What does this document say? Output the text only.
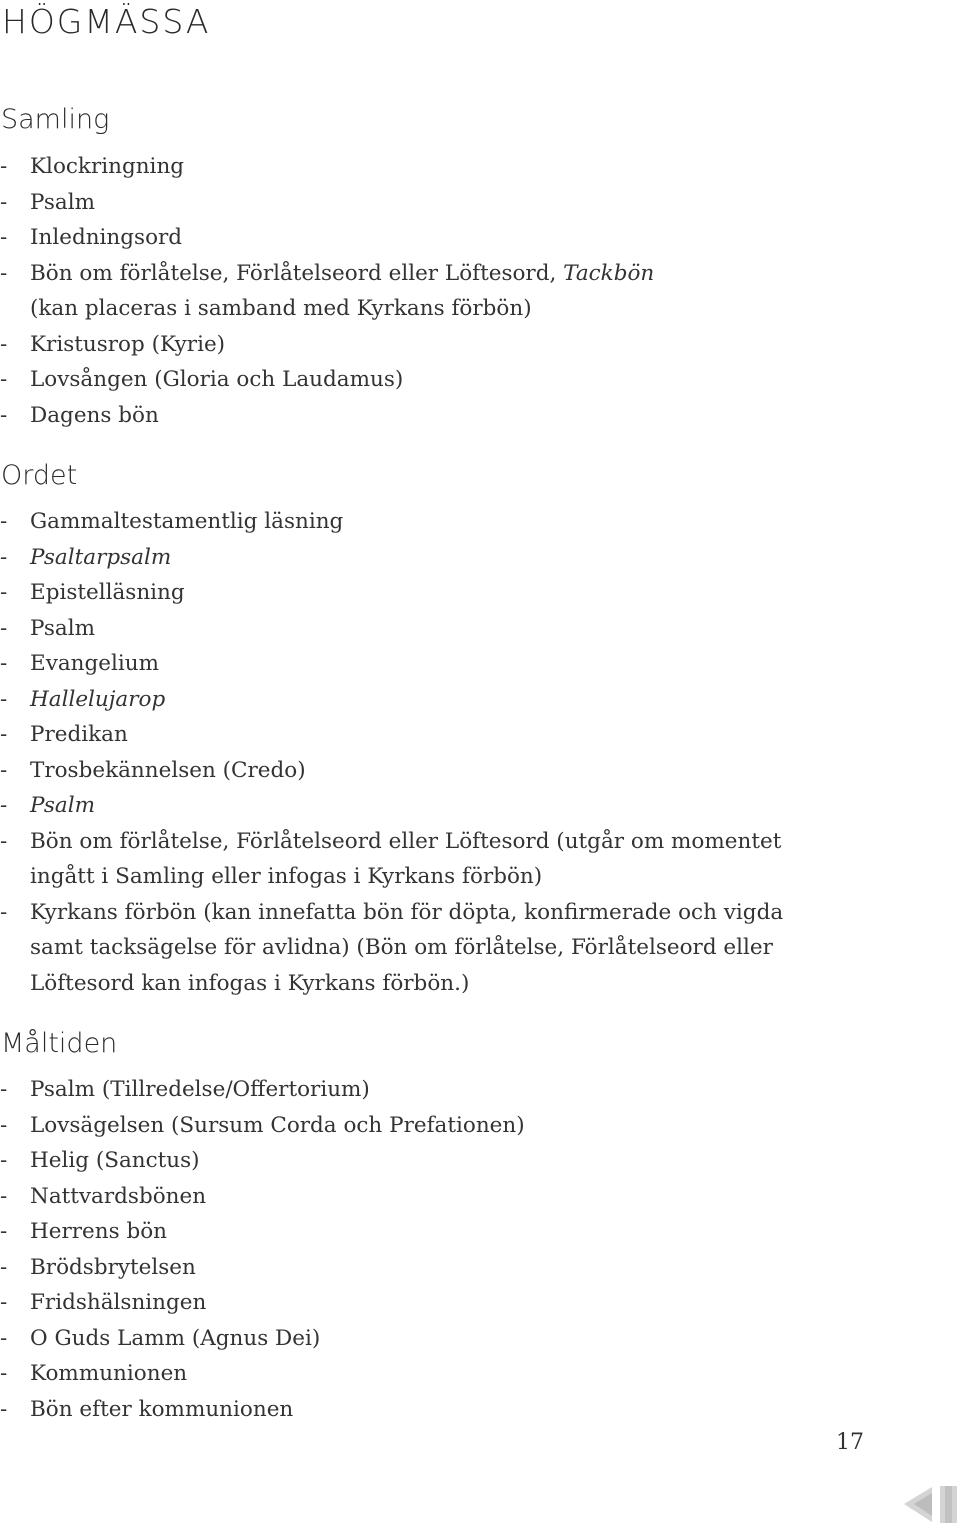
HÖGMÄSSA
Samling
- Klockringning
- Psalm
- Inledningsord
- Bön om förlåtelse, Förlåtelseord eller Löftesord, Tackbön
(kan placeras i samband med Kyrkans förbön)
- Kristusrop (Kyrie)
- Lovsången (Gloria och Laudamus)
- Dagens bön
Ordet
- Gammaltestamentlig läsning
- Psaltarpsalm
- Epistelläsning
- Psalm
- Evangelium
- Hallelujarop
- Predikan
- Trosbekännelsen (Credo)
- Psalm
- Bön om förlåtelse, Förlåtelseord eller Löftesord (utgår om momentet
ingått i Samling eller infogas i Kyrkans förbön)
- Kyrkans förbön (kan innefatta bön för döpta, konfirmerade och vigda
samt tacksägelse för avlidna) (Bön om förlåtelse, Förlåtelseord eller
Löftesord kan infogas i Kyrkans förbön.)
Måltiden
- Psalm (Tillredelse/Offertorium)
- Lovsägelsen (Sursum Corda och Prefationen)
- Helig (Sanctus)
- Nattvardsbönen
- Herrens bön
- Brödsbrytelsen
- Fridshälsningen
- O Guds Lamm (Agnus Dei)
- Kommunionen
- Bön efter kommunionen
17
